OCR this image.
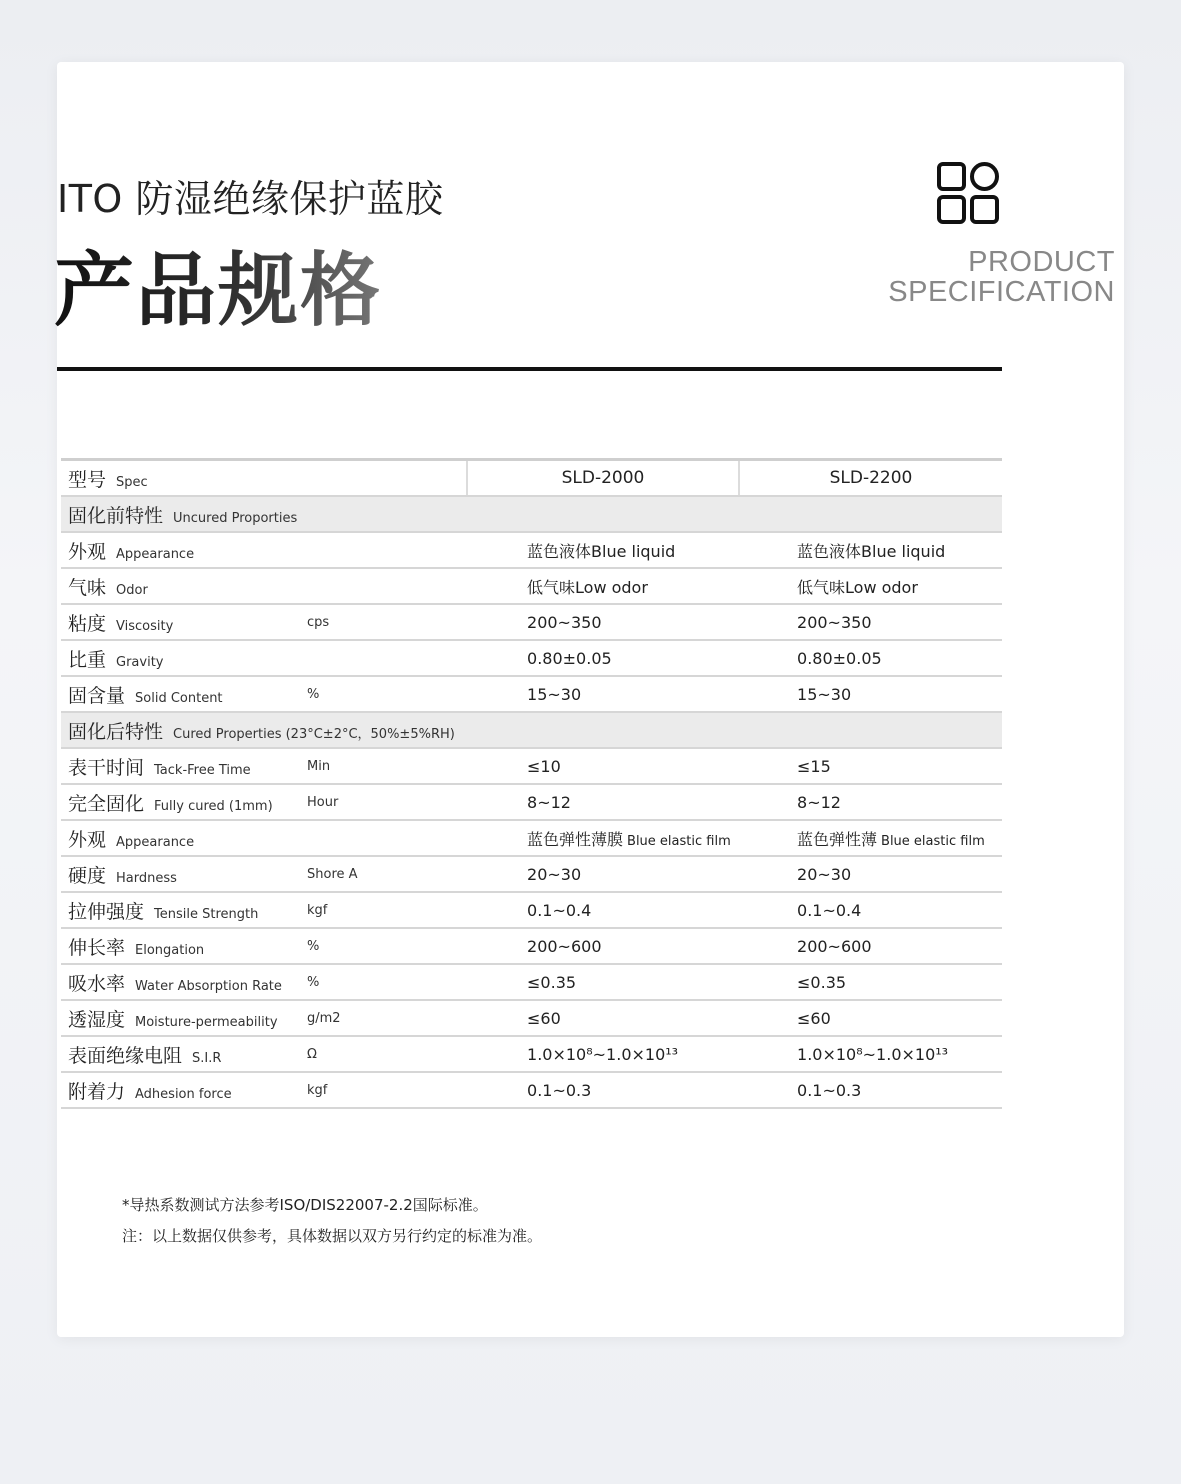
ITO 防湿绝缘保护蓝胶
产品规格	PRODUCT
SPECIFICATION
型号 Spec		SLD-2000	SLD-2200
固化前特性 Uncured Proporties			
外观 Appearance		蓝色液体Blue liquid	蓝色液体Blue liquid
气味 Odor		低气味Low odor	低气味Low odor
粘度 Viscosity	cps	200~350	200~350
比重 Gravity		0.80±0.05	0.80±0.05
固含量 Solid Content	%	15~30	15~30
固化后特性 Cured Properties (23°C±2°C，50%±5%RH)			
表干时间 Tack-Free Time	Min	≤10	≤15
完全固化 Fully cured (1mm)	Hour	8~12	8~12
外观 Appearance		蓝色弹性薄膜 Blue elastic film	蓝色弹性薄 Blue elastic film
硬度 Hardness	Shore A	20~30	20~30
拉伸强度 Tensile Strength	kgf	0.1~0.4	0.1~0.4
伸长率 Elongation	%	200~600	200~600
吸水率 Water Absorption Rate	%	≤0.35	≤0.35
透湿度 Moisture-permeability	g/m2	≤60	≤60
表面绝缘电阻 S.I.R	Ω	1.0×10⁸~1.0×10¹³	1.0×10⁸~1.0×10¹³
附着力 Adhesion force	kgf	0.1~0.3	0.1~0.3
*导热系数测试方法参考ISO/DIS22007-2.2国际标准。
注：以上数据仅供参考，具体数据以双方另行约定的标准为准。
